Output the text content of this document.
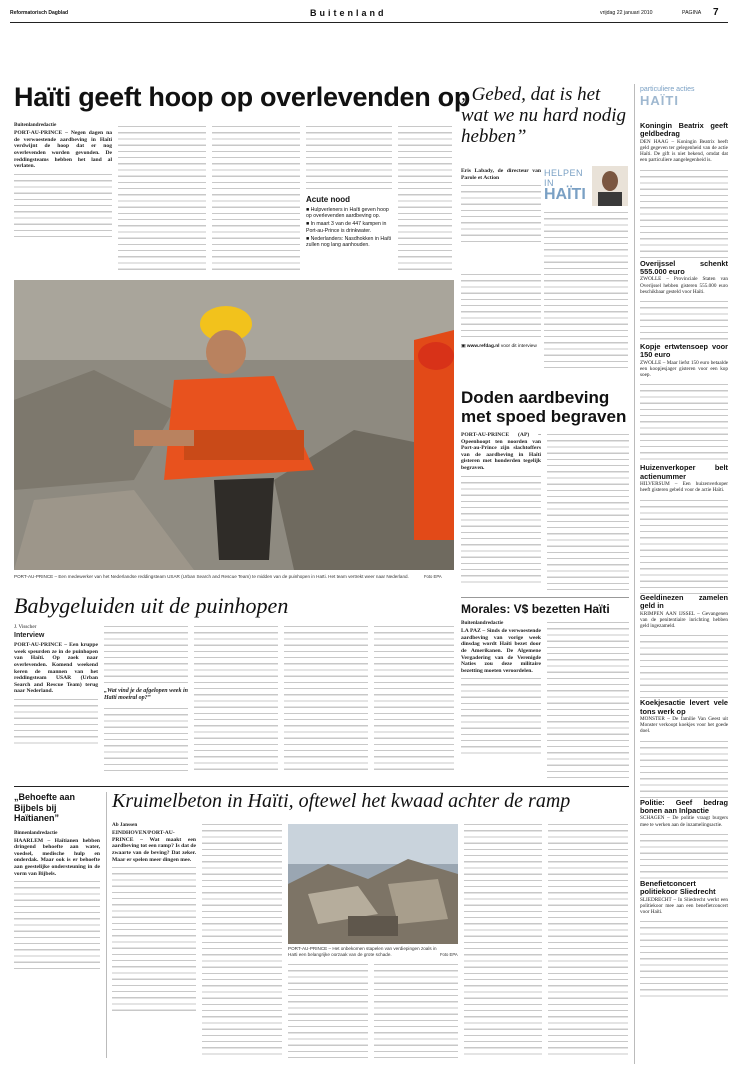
Reformatorisch Dagblad	Buitenland	vrijdag 22 januari 2010	PAGINA 7
Haïti geeft hoop op overlevenden op

Buitenlandredactie

PORT-AU-PRINCE – Negen dagen na de verwoestende aardbeving in Haïti verdwijnt de hoop dat er nog overlevenden worden gevonden. De reddingsteams hebben het land al verlaten.

Acute nood
■ Hulpverleners in Haïti geven hoop op overlevenden aardbeving op.
■ In maart 3 van de 447 kampen in Port-au-Prince is drinkwater.
■ Nederlanders: Nasdhokken in Haïti zullen nog lang aanhouden.
„Gebed, dat is het wat we nu hard nodig hebben”

Eris Labady, de directeur van Parole et Action	HELPEN IN
HAÏTI
▣ www.refdag.nl voor dit interview
PORT-AU-PRINCE – Een medewerker van het Nederlandse reddingsteam USAR (Urban Search and Rescue Team) te midden van de puinhopen in Haïti. Het team vertrekt weer naar Nederland.	Foto EPA
Doden aardbeving met spoed begraven

PORT-AU-PRINCE (AP) – Opeenhoopt ten noorden van Port-au-Prince zijn slachtoffers van de aardbeving in Haïti gisteren met honderden tegelijk begraven.

Morales: V$ bezetten Haïti

Buitenlandredactie

LA PAZ – Sinds de verwoestende aardbeving van vorige week dinsdag wordt Haïti bezet door de Amerikanen. De Algemene Vergadering van de Verenigde Naties zou deze militaire bezetting moeten veroordelen.

Babygeluiden uit de puinhopen

J. Visscher

Interview

PORT-AU-PRINCE – Een kruppe week speurden ze in de puinhopen van Haïti. Op zoek naar overlevenden. Komend weekend keren de mannen van het reddingsteam USAR (Urban Search and Rescue Team) terug naar Nederland.	„Wat vind je de afgelopen week in Haïti moeiral op?”

particuliere acties
HAÏTI
Koningin Beatrix geeft geldbedrag

DEN HAAG – Koningin Beatrix heeft geld gegeven ter gelegenheid van de actie Haïti. De gift is niet bekend, omdat dat een particuliere aangelegenheid is.

Overijssel schenkt 555.000 euro

ZWOLLE – Provinciale Staten van Overijssel hebben gisteren 555.000 euro beschikbaar gesteld voor Haïti.

Kopje ertwtensoep voor 150 euro

ZWOLLE – Maar liefst 150 euro betaalde een koopjesjager gisteren voor een kop soep.

Huizenverkoper belt actienummer

HILVERSUM – Een huizenverkoper heeft gisteren gebeld voor de actie Haïti.

Geeldinezen zamelen geld in

KRIMPEN AAN IJSSEL – Gevangenen van de penitentiaire inrichting hebben geld ingezameld.

Koekjesactie levert vele tons werk op

MONSTER – De familie Van Geest uit Monster verkoopt koekjes voor het goede doel.

Politie: Geef bedrag bonen aan Inlpactie

SCHAGEN – De politie vraagt burgers mee te werken aan de inzamelingsactie.

Benefietconcert politiekoor Sliedrecht

SLIEDRECHT – In Sliedrecht werkt een politiekoor mee aan een benefietconcert voor Haïti.

„Behoefte aan Bijbels bij Haïtianen”

Binnenlandredactie

HAARLEM – Haïtianen hebben dringend behoefte aan water, voedsel, medische hulp en onderdak. Maar ook is er behoefte aan geestelijke ondersteuning in de vorm van Bijbels.

Kruimelbeton in Haïti, oftewel het kwaad achter de ramp

Ab Janssen

EINDHOVEN/PORT-AU-PRINCE – Wat maakt een aardbeving tot een ramp? Is dat de zwaarte van de beving? Dat zeker. Maar er spelen meer dingen mee.

PORT-AU-PRINCE – Het onbekomen stapelen van verdiepingen zoals in Haïti een belangrijke oorzaak van de grote schade.	Foto EPA
